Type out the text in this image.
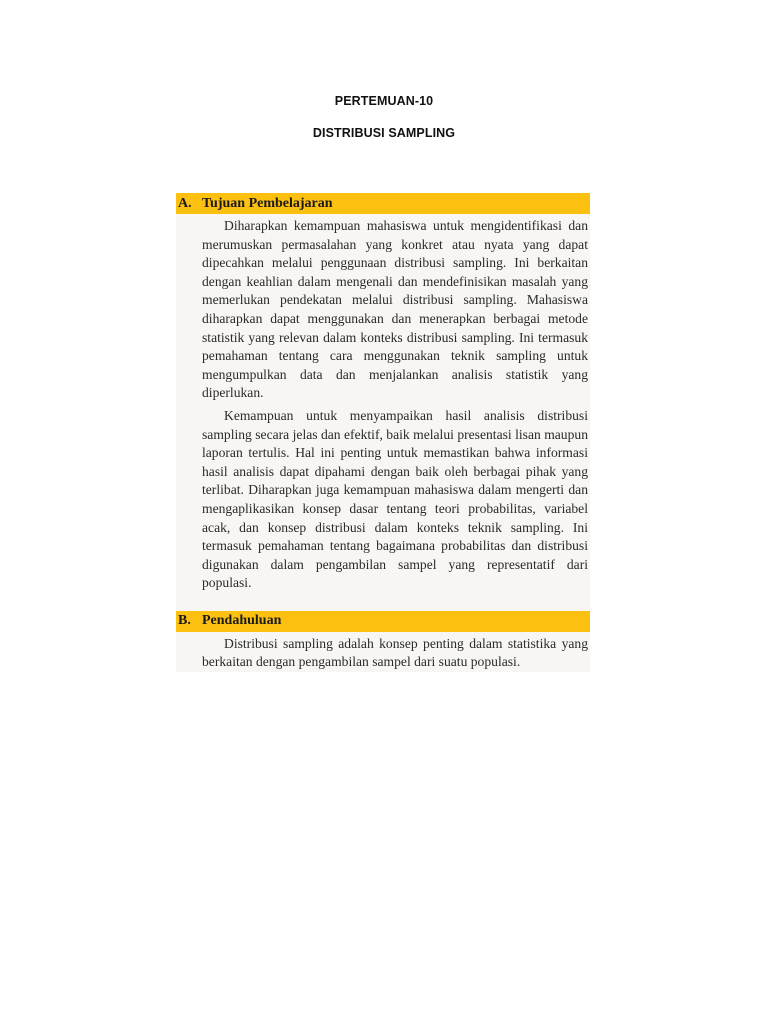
PERTEMUAN-10
DISTRIBUSI SAMPLING
A. Tujuan Pembelajaran

Diharapkan kemampuan mahasiswa untuk mengidentifikasi dan merumuskan permasalahan yang konkret atau nyata yang dapat dipecahkan melalui penggunaan distribusi sampling. Ini berkaitan dengan keahlian dalam mengenali dan mendefinisikan masalah yang memerlukan pendekatan melalui distribusi sampling. Mahasiswa diharapkan dapat menggunakan dan menerapkan berbagai metode statistik yang relevan dalam konteks distribusi sampling. Ini termasuk pemahaman tentang cara menggunakan teknik sampling untuk mengumpulkan data dan menjalankan analisis statistik yang diperlukan.

Kemampuan untuk menyampaikan hasil analisis distribusi sampling secara jelas dan efektif, baik melalui presentasi lisan maupun laporan tertulis. Hal ini penting untuk memastikan bahwa informasi hasil analisis dapat dipahami dengan baik oleh berbagai pihak yang terlibat. Diharapkan juga kemampuan mahasiswa dalam mengerti dan mengaplikasikan konsep dasar tentang teori probabilitas, variabel acak, dan konsep distribusi dalam konteks teknik sampling. Ini termasuk pemahaman tentang bagaimana probabilitas dan distribusi digunakan dalam pengambilan sampel yang representatif dari populasi.

B. Pendahuluan

Distribusi sampling adalah konsep penting dalam statistika yang berkaitan dengan pengambilan sampel dari suatu populasi.
